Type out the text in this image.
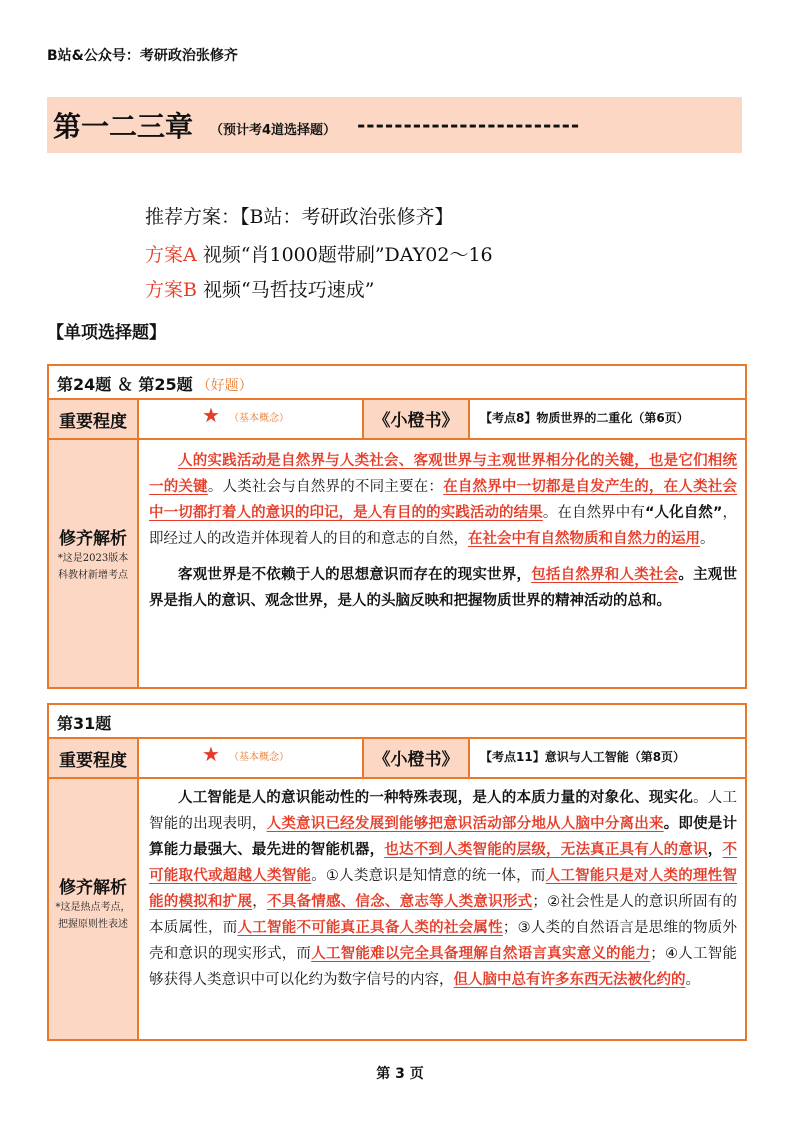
B站&公众号：考研政治张修齐
第一二三章 （预计考4道选择题） ------------------------
推荐方案：【B站：考研政治张修齐】
方案A 视频“肖1000题带刷”DAY02～16
方案B 视频“马哲技巧速成”
【单项选择题】
第24题 ＆ 第25题 （好题）
重要程度	★ （基本概念）	《小橙书》	【考点8】物质世界的二重化（第6页）
修齐解析
*这是2023版本科教材新增考点

人的实践活动是自然界与人类社会、客观世界与主观世界相分化的关键，也是它们相统一的关键。人类社会与自然界的不同主要在：在自然界中一切都是自发产生的，在人类社会中一切都打着人的意识的印记，是人有目的的实践活动的结果。在自然界中有“人化自然”，即经过人的改造并体现着人的目的和意志的自然，在社会中有自然物质和自然力的运用。

客观世界是不依赖于人的思想意识而存在的现实世界，包括自然界和人类社会。主观世界是指人的意识、观念世界，是人的头脑反映和把握物质世界的精神活动的总和。

第31题
重要程度	★ （基本概念）	《小橙书》	【考点11】意识与人工智能（第8页）
修齐解析
*这是热点考点，把握原则性表述

人工智能是人的意识能动性的一种特殊表现，是人的本质力量的对象化、现实化。人工智能的出现表明，人类意识已经发展到能够把意识活动部分地从人脑中分离出来。即使是计算能力最强大、最先进的智能机器，也达不到人类智能的层级，无法真正具有人的意识，不可能取代或超越人类智能。①人类意识是知情意的统一体，而人工智能只是对人类的理性智能的模拟和扩展，不具备情感、信念、意志等人类意识形式；②社会性是人的意识所固有的本质属性，而人工智能不可能真正具备人类的社会属性；③人类的自然语言是思维的物质外壳和意识的现实形式，而人工智能难以完全具备理解自然语言真实意义的能力；④人工智能够获得人类意识中可以化约为数字信号的内容，但人脑中总有许多东西无法被化约的。

第 3 页
